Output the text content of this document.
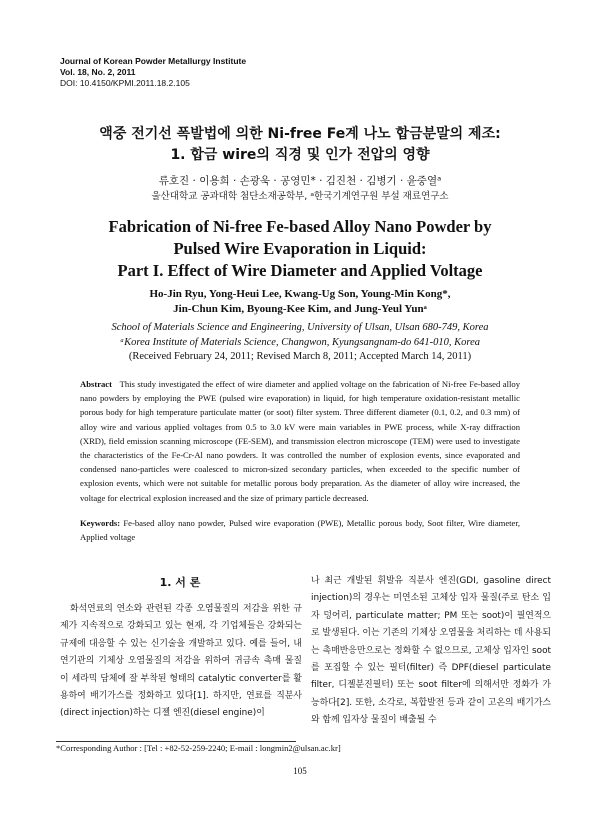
Journal of Korean Powder Metallurgy Institute
Vol. 18, No. 2, 2011
DOI: 10.4150/KPMI.2011.18.2.105
액중 전기선 폭발법에 의한 Ni-free Fe계 나노 합금분말의 제조:
1. 합금 wire의 직경 및 인가 전압의 영향
류호진 · 이용희 · 손광욱 · 공영민* · 김진천 · 김병기 · 윤중열ᵃ
울산대학교 공과대학 첨단소재공학부, ᵃ한국기계연구원 부설 재료연구소
Fabrication of Ni-free Fe-based Alloy Nano Powder by
Pulsed Wire Evaporation in Liquid:
Part I. Effect of Wire Diameter and Applied Voltage
Ho-Jin Ryu, Yong-Heui Lee, Kwang-Ug Son, Young-Min Kong*,
Jin-Chun Kim, Byoung-Kee Kim, and Jung-Yeul Yunᵃ
School of Materials Science and Engineering, University of Ulsan, Ulsan 680-749, Korea
ᵃKorea Institute of Materials Science, Changwon, Kyungsangnam-do 641-010, Korea
(Received February 24, 2011; Revised March 8, 2011; Accepted March 14, 2011)
Abstract This study investigated the effect of wire diameter and applied voltage on the fabrication of Ni-free Fe-based alloy nano powders by employing the PWE (pulsed wire evaporation) in liquid, for high temperature oxidation-resistant metallic porous body for high temperature particulate matter (or soot) filter system. Three different diameter (0.1, 0.2, and 0.3 mm) of alloy wire and various applied voltages from 0.5 to 3.0 kV were main variables in PWE process, while X-ray diffraction (XRD), field emission scanning microscope (FE-SEM), and transmission electron microscope (TEM) were used to investigate the characteristics of the Fe-Cr-Al nano powders. It was controlled the number of explosion events, since evaporated and condensed nano-particles were coalesced to micron-sized secondary particles, when exceeded to the specific number of explosion events, which were not suitable for metallic porous body preparation. As the diameter of alloy wire increased, the voltage for electrical explosion increased and the size of primary particle decreased.
Keywords: Fe-based alloy nano powder, Pulsed wire evaporation (PWE), Metallic porous body, Soot filter, Wire diameter, Applied voltage
1. 서 론
화석연료의 연소와 관련된 각종 오염물질의 저감을 위한 규제가 지속적으로 강화되고 있는 현재, 각 기업체들은 강화되는 규제에 대응할 수 있는 신기술을 개발하고 있다. 예를 들어, 내연기관의 기체상 오염물질의 저감을 위하여 귀금속 촉매 물질이 세라믹 담체에 잘 부착된 형태의 catalytic converter를 활용하여 배기가스를 정화하고 있다[1]. 하지만, 연료를 직분사(direct injection)하는 디젤 엔진(diesel engine)이
나 최근 개발된 휘발유 직분사 엔진(GDI, gasoline direct injection)의 경우는 미연소된 고체상 입자 물질(주로 탄소 입자 덩어리, particulate matter; PM 또는 soot)이 필연적으로 발생된다. 이는 기존의 기체상 오염물을 처리하는 데 사용되는 촉매반응만으로는 정화할 수 없으므로, 고체상 입자인 soot를 포집할 수 있는 필터(filter) 즉 DPF(diesel particulate filter, 디젤분진필터) 또는 soot filter에 의해서만 정화가 가능하다[2]. 또한, 소각로, 복합발전 등과 같이 고온의 배기가스와 함께 입자상 물질이 배출될 수
*Corresponding Author : [Tel : +82-52-259-2240; E-mail : longmin2@ulsan.ac.kr]
105
